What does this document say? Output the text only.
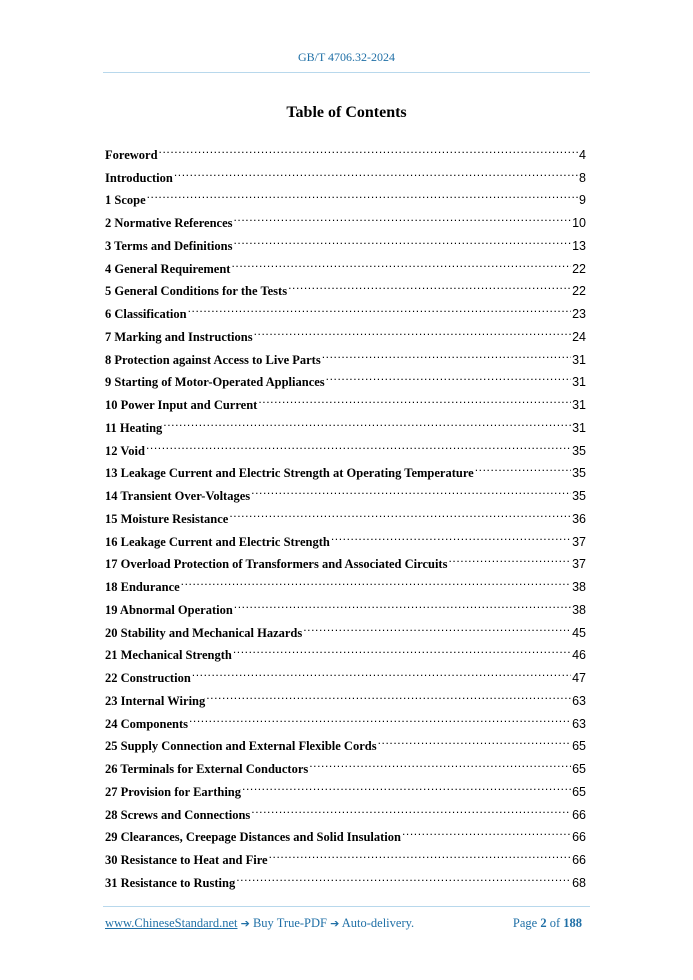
GB/T 4706.32-2024
Table of Contents
Foreword .....	4
Introduction .....	8
1 Scope .....	9
2 Normative References .....	10
3 Terms and Definitions .....	13
4 General Requirement .....	22
5 General Conditions for the Tests .....	22
6 Classification .....	23
7 Marking and Instructions .....	24
8 Protection against Access to Live Parts .....	31
9 Starting of Motor-Operated Appliances .....	31
10 Power Input and Current .....	31
11 Heating .....	31
12 Void .....	35
13 Leakage Current and Electric Strength at Operating Temperature .....	35
14 Transient Over-Voltages .....	35
15 Moisture Resistance .....	36
16 Leakage Current and Electric Strength .....	37
17 Overload Protection of Transformers and Associated Circuits .....	37
18 Endurance .....	38
19 Abnormal Operation .....	38
20 Stability and Mechanical Hazards .....	45
21 Mechanical Strength .....	46
22 Construction .....	47
23 Internal Wiring .....	63
24 Components .....	63
25 Supply Connection and External Flexible Cords .....	65
26 Terminals for External Conductors .....	65
27 Provision for Earthing .....	65
28 Screws and Connections .....	66
29 Clearances, Creepage Distances and Solid Insulation .....	66
30 Resistance to Heat and Fire .....	66
31 Resistance to Rusting .....	68
www.ChineseStandard.net ➔ Buy True-PDF ➔ Auto-delivery.	Page 2 of 188
